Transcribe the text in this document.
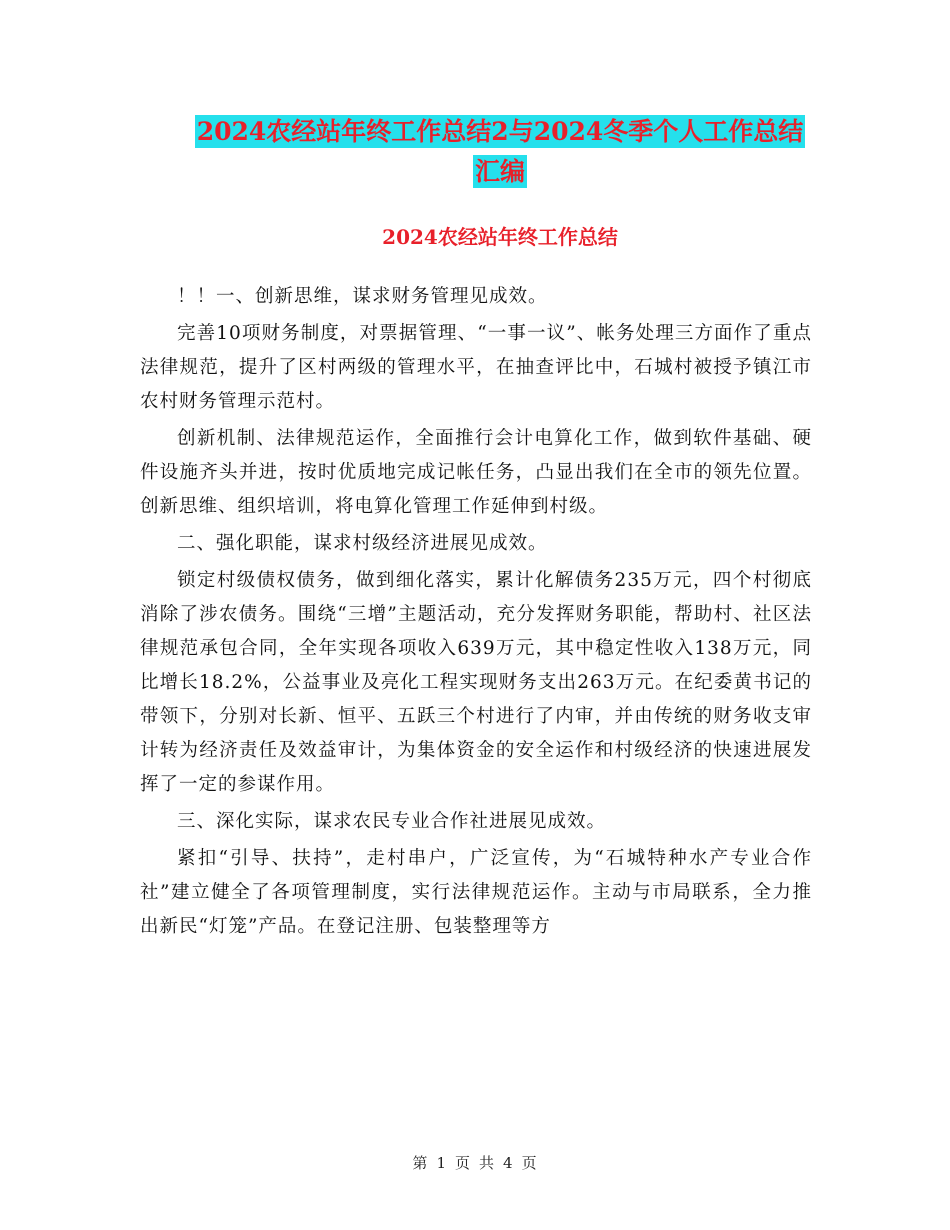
2024农经站年终工作总结2与2024冬季个人工作总结
汇编
2024农经站年终工作总结

！！一、创新思维，谋求财务管理见成效。

完善10项财务制度，对票据管理、“一事一议”、帐务处理三方面作了重点法律规范，提升了区村两级的管理水平，在抽查评比中，石城村被授予镇江市农村财务管理示范村。

创新机制、法律规范运作，全面推行会计电算化工作，做到软件基础、硬件设施齐头并进，按时优质地完成记帐任务，凸显出我们在全市的领先位置。创新思维、组织培训，将电算化管理工作延伸到村级。

二、强化职能，谋求村级经济进展见成效。

锁定村级债权债务，做到细化落实，累计化解债务235万元，四个村彻底消除了涉农债务。围绕“三增”主题活动，充分发挥财务职能，帮助村、社区法律规范承包合同，全年实现各项收入639万元，其中稳定性收入138万元，同比增长18.2%，公益事业及亮化工程实现财务支出263万元。在纪委黄书记的带领下，分别对长新、恒平、五跃三个村进行了内审，并由传统的财务收支审计转为经济责任及效益审计，为集体资金的安全运作和村级经济的快速进展发挥了一定的参谋作用。

三、深化实际，谋求农民专业合作社进展见成效。

紧扣“引导、扶持”，走村串户，广泛宣传，为“石城特种水产专业合作社”建立健全了各项管理制度，实行法律规范运作。主动与市局联系，全力推出新民“灯笼”产品。在登记注册、包装整理等方

第 1 页 共 4 页
